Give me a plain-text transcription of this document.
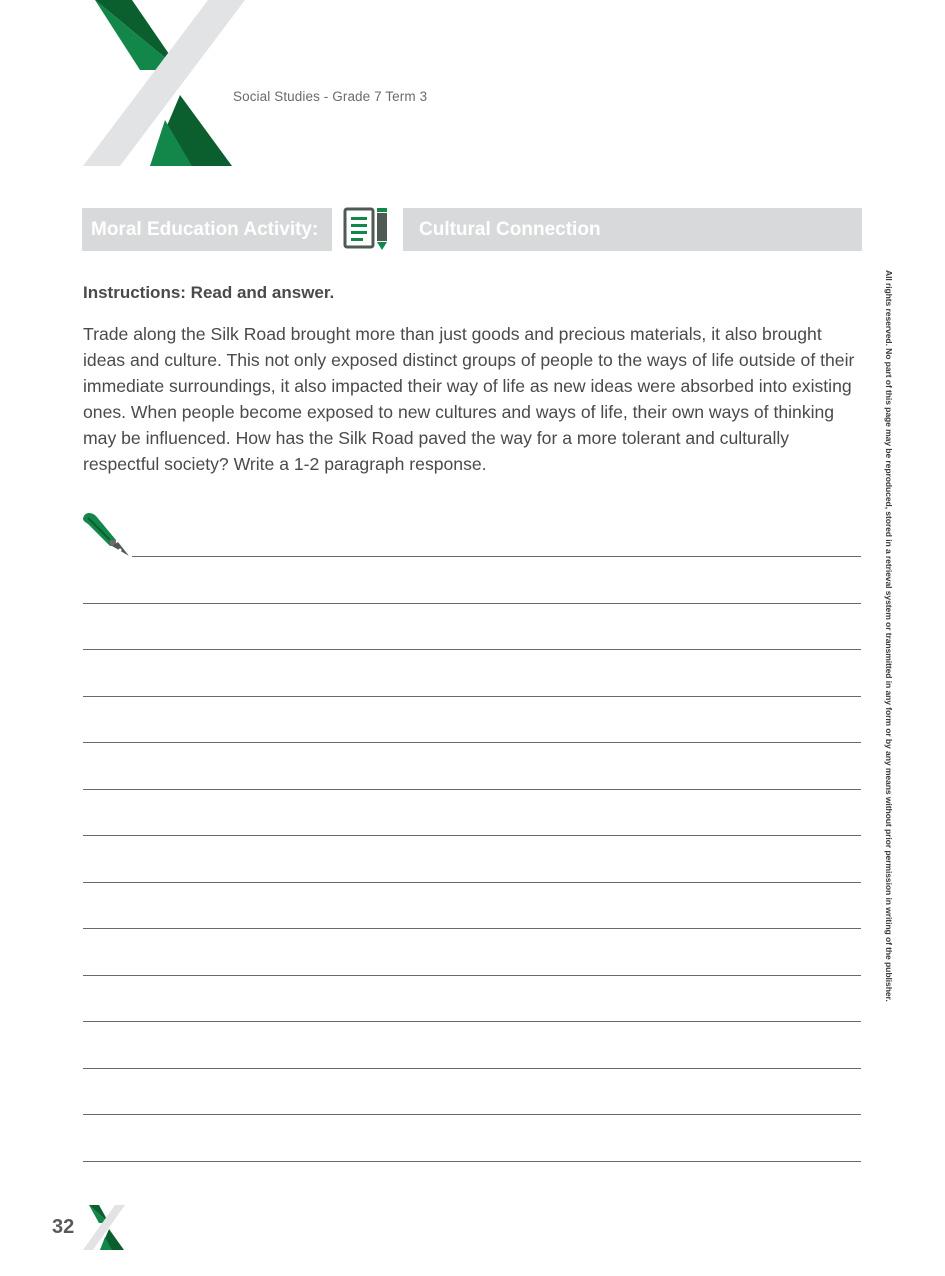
Social Studies - Grade 7 Term 3
Moral Education Activity:	Cultural Connection
Instructions: Read and answer.
Trade along the Silk Road brought more than just goods and precious materials, it also brought ideas and culture. This not only exposed distinct groups of people to the ways of life outside of their immediate surroundings, it also impacted their way of life as new ideas were absorbed into existing ones. When people become exposed to new cultures and ways of life, their own ways of thinking may be influenced. How has the Silk Road paved the way for a more tolerant and culturally respectful society? Write a 1-2 paragraph response.	All rights reserved. No part of this page may be reproduced, stored in a retrieval system or transmitted in any form or by any means without prior permission in writing of the publisher.
32
